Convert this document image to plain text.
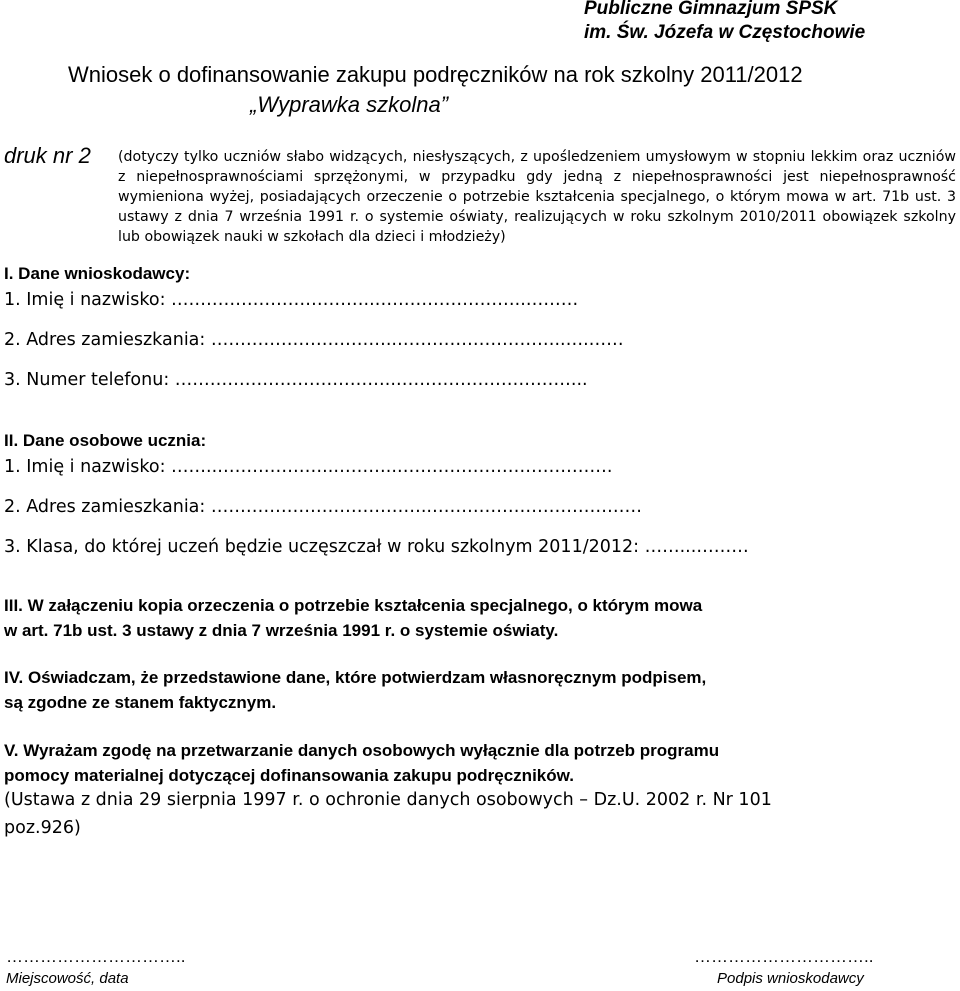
Publiczne Gimnazjum SPSK
im. Św. Józefa w Częstochowie
Wniosek o dofinansowanie zakupu podręczników na rok szkolny 2011/2012
„Wyprawka szkolna”
druk nr 2 (dotyczy tylko uczniów słabo widzących, niesłyszących, z upośledzeniem umysłowym w stopniu lekkim oraz uczniów z niepełnosprawnościami sprzężonymi, w przypadku gdy jedną z niepełnosprawności jest niepełnosprawność wymieniona wyżej, posiadających orzeczenie o potrzebie kształcenia specjalnego, o którym mowa w art. 71b ust. 3 ustawy z dnia 7 września 1991 r. o systemie oświaty, realizujących w roku szkolnym 2010/2011 obowiązek szkolny lub obowiązek nauki w szkołach dla dzieci i młodzieży)
I. Dane wnioskodawcy:
1. Imię i nazwisko: ……………………………..……………………..………
2. Adres zamieszkania: …………………………..………………………..….……
3. Numer telefonu: ………………………………..…………………………...
II. Dane osobowe ucznia:
1. Imię i nazwisko: ……..………………..………..……………………………….
2. Adres zamieszkania: ………………………………..………………………………
3. Klasa, do której uczeń będzie uczęszczał w roku szkolnym 2011/2012: ……...………
III. W załączeniu kopia orzeczenia o potrzebie kształcenia specjalnego, o którym mowa
w art. 71b ust. 3 ustawy z dnia 7 września 1991 r. o systemie oświaty.
IV. Oświadczam, że przedstawione dane, które potwierdzam własnoręcznym podpisem,
są zgodne ze stanem faktycznym.
V. Wyrażam zgodę na przetwarzanie danych osobowych wyłącznie dla potrzeb programu
pomocy materialnej dotyczącej dofinansowania zakupu podręczników.
(Ustawa z dnia 29 sierpnia 1997 r. o ochronie danych osobowych – Dz.U. 2002 r. Nr 101
poz.926)
…………………………..
Miejscowość, data
…………………………..
Podpis wnioskodawcy
